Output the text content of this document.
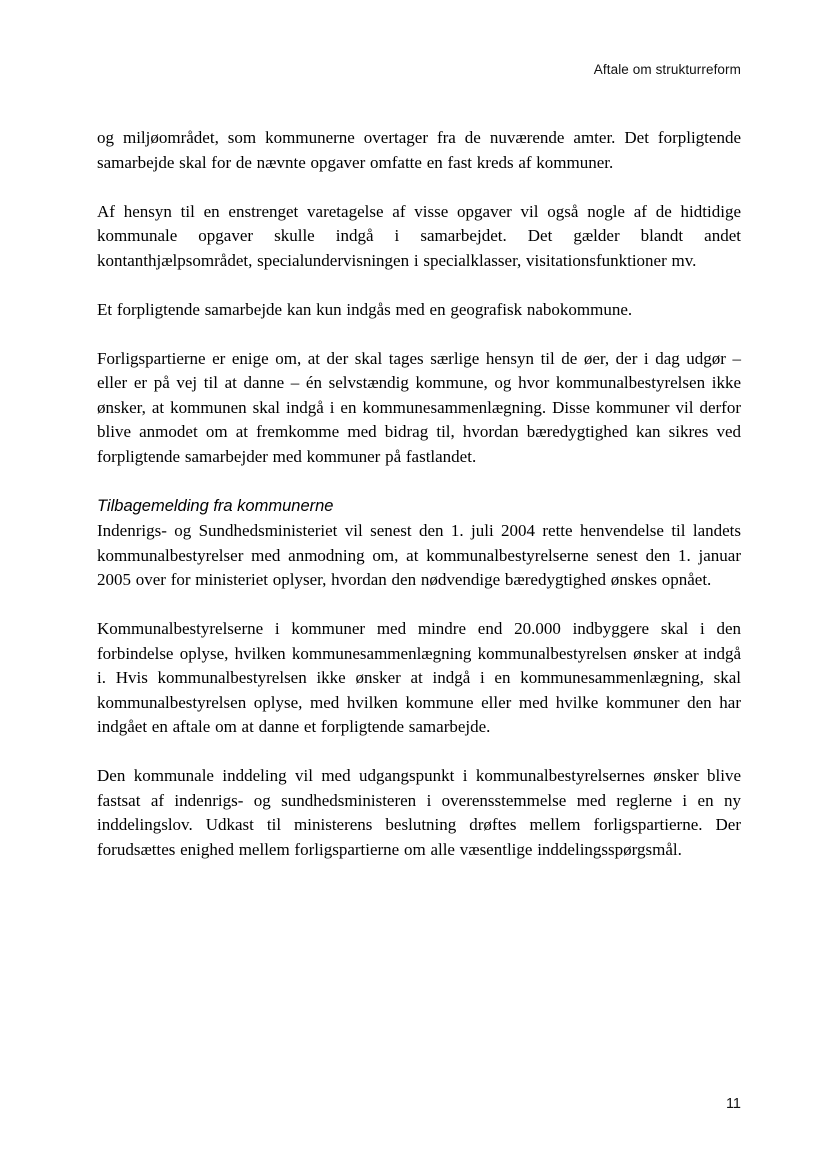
Aftale om strukturreform

og miljøområdet, som kommunerne overtager fra de nuværende amter. Det forpligtende samarbejde skal for de nævnte opgaver omfatte en fast kreds af kommuner.

Af hensyn til en enstrenget varetagelse af visse opgaver vil også nogle af de hidtidige kommunale opgaver skulle indgå i samarbejdet. Det gælder blandt andet kontanthjælpsområdet, specialundervisningen i specialklasser, visitationsfunktioner mv.

Et forpligtende samarbejde kan kun indgås med en geografisk nabokommune.

Forligspartierne er enige om, at der skal tages særlige hensyn til de øer, der i dag udgør – eller er på vej til at danne – én selvstændig kommune, og hvor kommunalbestyrelsen ikke ønsker, at kommunen skal indgå i en kommunesammenlægning. Disse kommuner vil derfor blive anmodet om at fremkomme med bidrag til, hvordan bæredygtighed kan sikres ved forpligtende samarbejder med kommuner på fastlandet.

Tilbagemelding fra kommunerne

Indenrigs- og Sundhedsministeriet vil senest den 1. juli 2004 rette henvendelse til landets kommunalbestyrelser med anmodning om, at kommunalbestyrelserne senest den 1. januar 2005 over for ministeriet oplyser, hvordan den nødvendige bæredygtighed ønskes opnået.

Kommunalbestyrelserne i kommuner med mindre end 20.000 indbyggere skal i den forbindelse oplyse, hvilken kommunesammenlægning kommunalbestyrelsen ønsker at indgå i. Hvis kommunalbestyrelsen ikke ønsker at indgå i en kommunesammenlægning, skal kommunalbestyrelsen oplyse, med hvilken kommune eller med hvilke kommuner den har indgået en aftale om at danne et forpligtende samarbejde.

Den kommunale inddeling vil med udgangspunkt i kommunalbestyrelsernes ønsker blive fastsat af indenrigs- og sundhedsministeren i overensstemmelse med reglerne i en ny inddelingslov. Udkast til ministerens beslutning drøftes mellem forligspartierne. Der forudsættes enighed mellem forligspartierne om alle væsentlige inddelingsspørgsmål.

11
